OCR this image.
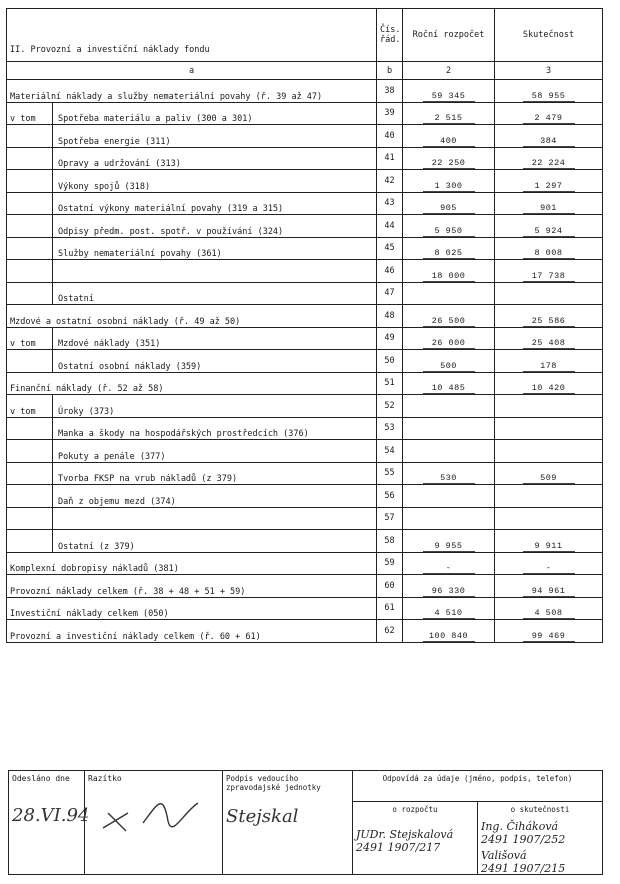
II. Provozní a investiční náklady fondu	Čís. řád.	Roční rozpočet	Skutečnost
a	b	2	3
Materiální náklady a služby nemateriální povahy (ř. 39 až 47)	38	59 345	58 955

v tom Spotřeba materiálu a paliv (300 a 301)	39	2 515	2 479

Spotřeba energie (311)	40	400	384

Opravy a udržování (313)	41	22 250	22 224

Výkony spojů (318)	42	1 300	1 297

Ostatní výkony materiální povahy (319 a 315)	43	905	901

Odpisy předm. post. spotř. v používání (324)	44	5 950	5 924

Služby nemateriální povahy (361)	45	8 025	8 008

	46	18 000	17 738

Ostatní	47		
Mzdové a ostatní osobní náklady (ř. 49 až 50)	48	26 500	25 586

v tom Mzdové náklady (351)	49	26 000	25 408

Ostatní osobní náklady (359)	50	500	178
Finanční náklady (ř. 52 až 58)	51	10 485	10 420

v tom Úroky (373)	52		

Manka a škody na hospodářských prostředcích (376)	53		

Pokuty a penále (377)	54		

Tvorba FKSP na vrub nákladů (z 379)	55	530	509

Daň z objemu mezd (374)	56		

	57		

Ostatní (z 379)	58	9 955	9 911
Komplexní dobropisy nákladů (381)	59	-	-
Provozní náklady celkem (ř. 38 + 48 + 51 + 59)	60	96 330	94 961
Investiční náklady celkem (050)	61	4 510	4 508
Provozní a investiční náklady celkem (ř. 60 + 61)	62	100 840	99 469
Odesláno dne
28.VI.94

Razítko	Podpis vedoucího zpravodajské jednotky
Stejskal

Odpovídá za údaje (jméno, podpis, telefon)
o rozpočtu
JUDr. Stejskalová
2491 1907/217
o skutečnosti
Ing. Čiháková
2491 1907/252
Vališová
2491 1907/215
